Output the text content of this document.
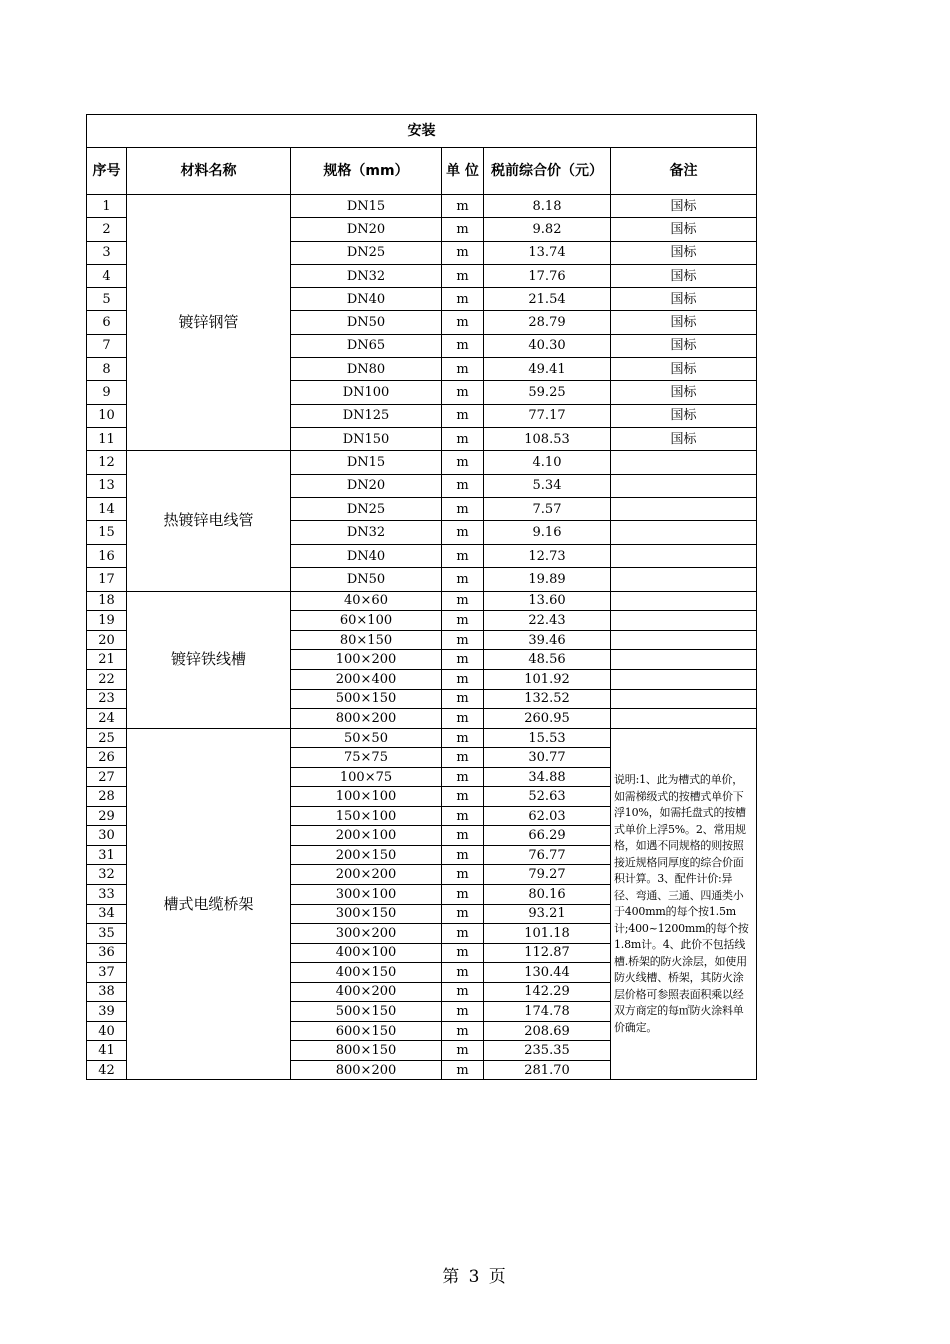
安装					
序号	材料名称	规格（mm）	单 位	税前综合价（元）	备注
1	镀锌钢管	DN15	m	8.18	国标
2		DN20	m	9.82	国标
3		DN25	m	13.74	国标
4		DN32	m	17.76	国标
5		DN40	m	21.54	国标
6		DN50	m	28.79	国标
7		DN65	m	40.30	国标
8		DN80	m	49.41	国标
9		DN100	m	59.25	国标
10		DN125	m	77.17	国标
11		DN150	m	108.53	国标
12	热镀锌电线管	DN15	m	4.10	
13		DN20	m	5.34	
14		DN25	m	7.57	
15		DN32	m	9.16	
16		DN40	m	12.73	
17		DN50	m	19.89	
18	镀锌铁线槽	40×60	m	13.60	
19		60×100	m	22.43	
20		80×150	m	39.46	
21		100×200	m	48.56	
22		200×400	m	101.92	
23		500×150	m	132.52	
24		800×200	m	260.95	
25	槽式电缆桥架	50×50	m	15.53	说明:1、此为槽式的单价，如需梯级式的按槽式单价下浮10%，如需托盘式的按槽式单价上浮5%。2、常用规格，如遇不同规格的则按照接近规格同厚度的综合价面积计算。3、配件计价:异径、弯通、三通、四通类小于400mm的每个按1.5m计;400~1200mm的每个按1.8m计。4、此价不包括线槽.桥架的防火涂层，如使用防火线槽、桥架，其防火涂层价格可参照表面积乘以经双方商定的每㎡防火涂料单价确定。
26		75×75	m	30.77	
27		100×75	m	34.88	
28		100×100	m	52.63	
29		150×100	m	62.03	
30		200×100	m	66.29	
31		200×150	m	76.77	
32		200×200	m	79.27	
33		300×100	m	80.16	
34		300×150	m	93.21	
35		300×200	m	101.18	
36		400×100	m	112.87	
37		400×150	m	130.44	
38		400×200	m	142.29	
39		500×150	m	174.78	
40		600×150	m	208.69	
41		800×150	m	235.35	
42		800×200	m	281.70	
第 3 页
